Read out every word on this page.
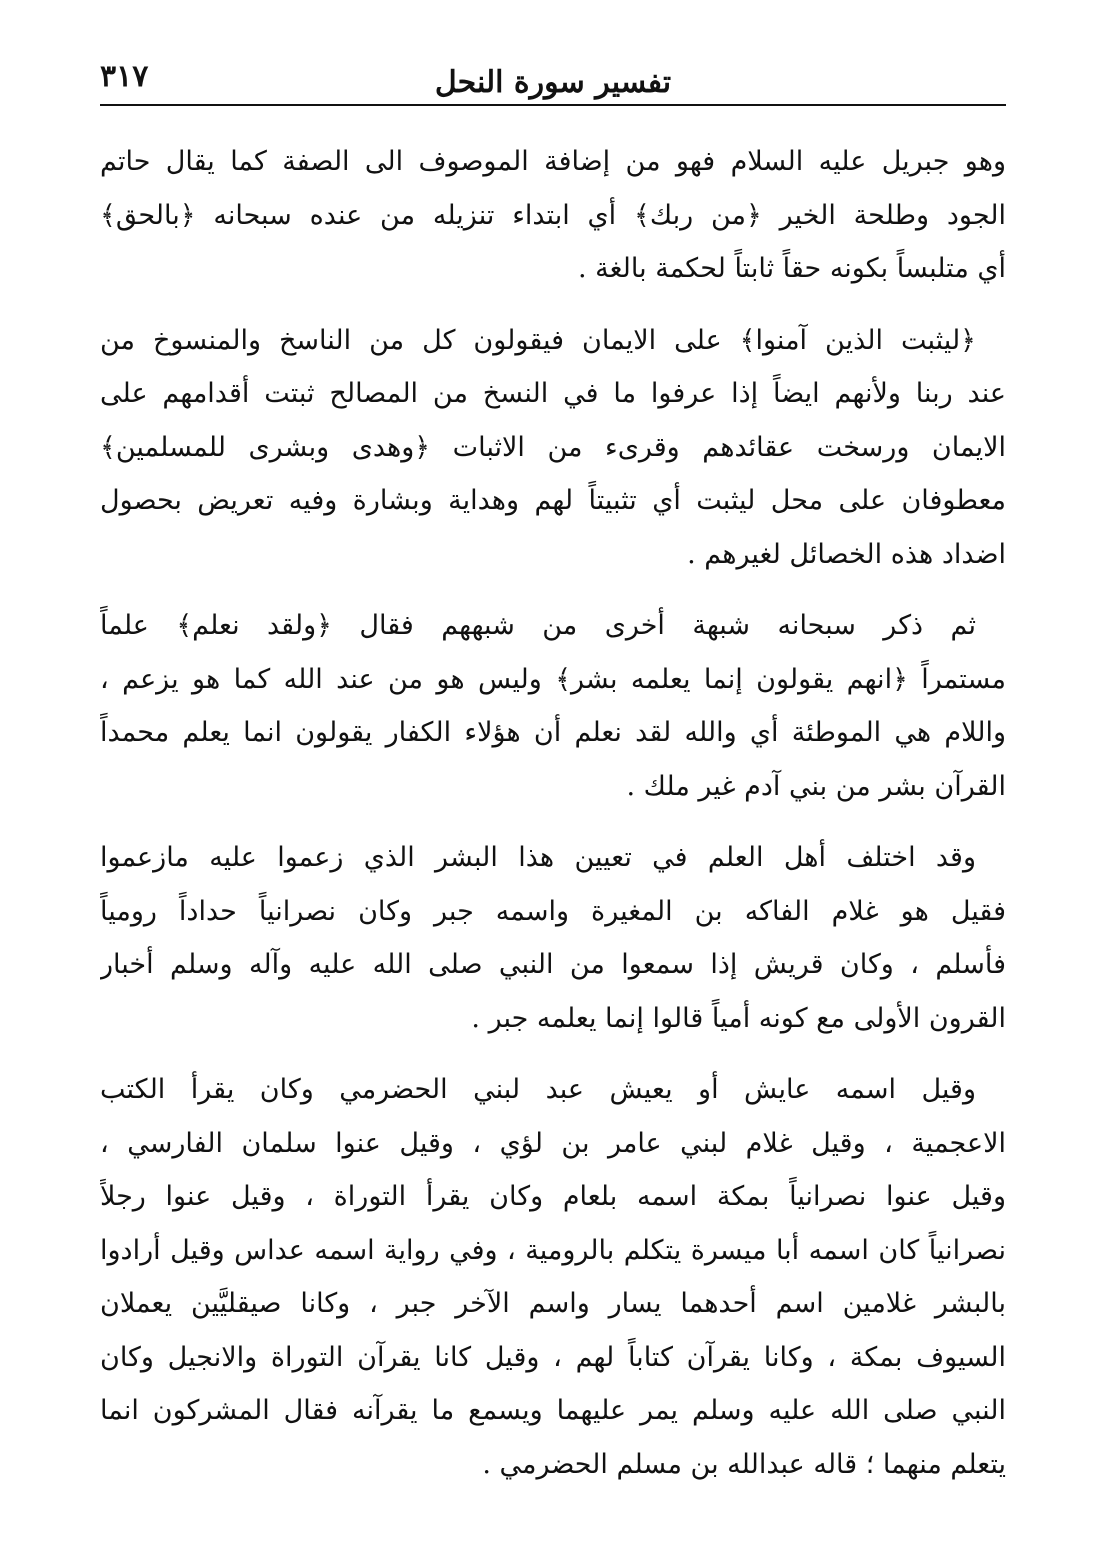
تفسير سورة النحل
٣١٧
وهو جبريل عليه السلام فهو من إضافة الموصوف الى الصفة كما يقال حاتم
الجود وطلحة الخير ﴿من ربك﴾ أي ابتداء تنزيله من عنده سبحانه ﴿بالحق﴾
أي متلبساً بكونه حقاً ثابتاً لحكمة بالغة .
﴿ليثبت الذين آمنوا﴾ على الايمان فيقولون كل من الناسخ والمنسوخ من
عند ربنا ولأنهم ايضاً إذا عرفوا ما في النسخ من المصالح ثبتت أقدامهم على
الايمان ورسخت عقائدهم وقرىء من الاثبات ﴿وهدى وبشرى للمسلمين﴾
معطوفان على محل ليثبت أي تثبيتاً لهم وهداية وبشارة وفيه تعريض بحصول
اضداد هذه الخصائل لغيرهم .
ثم ذكر سبحانه شبهة أخرى من شبههم فقال ﴿ولقد نعلم﴾ علماً
مستمراً ﴿انهم يقولون إنما يعلمه بشر﴾ وليس هو من عند الله كما هو يزعم ،
واللام هي الموطئة أي والله لقد نعلم أن هؤلاء الكفار يقولون انما يعلم محمداً
القرآن بشر من بني آدم غير ملك .
وقد اختلف أهل العلم في تعيين هذا البشر الذي زعموا عليه مازعموا
فقيل هو غلام الفاكه بن المغيرة واسمه جبر وكان نصرانياً حداداً رومياً
فأسلم ، وكان قريش إذا سمعوا من النبي صلى الله عليه وآله وسلم أخبار
القرون الأولى مع كونه أمياً قالوا إنما يعلمه جبر .
وقيل اسمه عايش أو يعيش عبد لبني الحضرمي وكان يقرأ الكتب
الاعجمية ، وقيل غلام لبني عامر بن لؤي ، وقيل عنوا سلمان الفارسي ،
وقيل عنوا نصرانياً بمكة اسمه بلعام وكان يقرأ التوراة ، وقيل عنوا رجلاً
نصرانياً كان اسمه أبا ميسرة يتكلم بالرومية ، وفي رواية اسمه عداس وقيل أرادوا
بالبشر غلامين اسم أحدهما يسار واسم الآخر جبر ، وكانا صيقليَّين يعملان
السيوف بمكة ، وكانا يقرآن كتاباً لهم ، وقيل كانا يقرآن التوراة والانجيل وكان
النبي صلى الله عليه وسلم يمر عليهما ويسمع ما يقرآنه فقال المشركون انما
يتعلم منهما ؛ قاله عبدالله بن مسلم الحضرمي .
